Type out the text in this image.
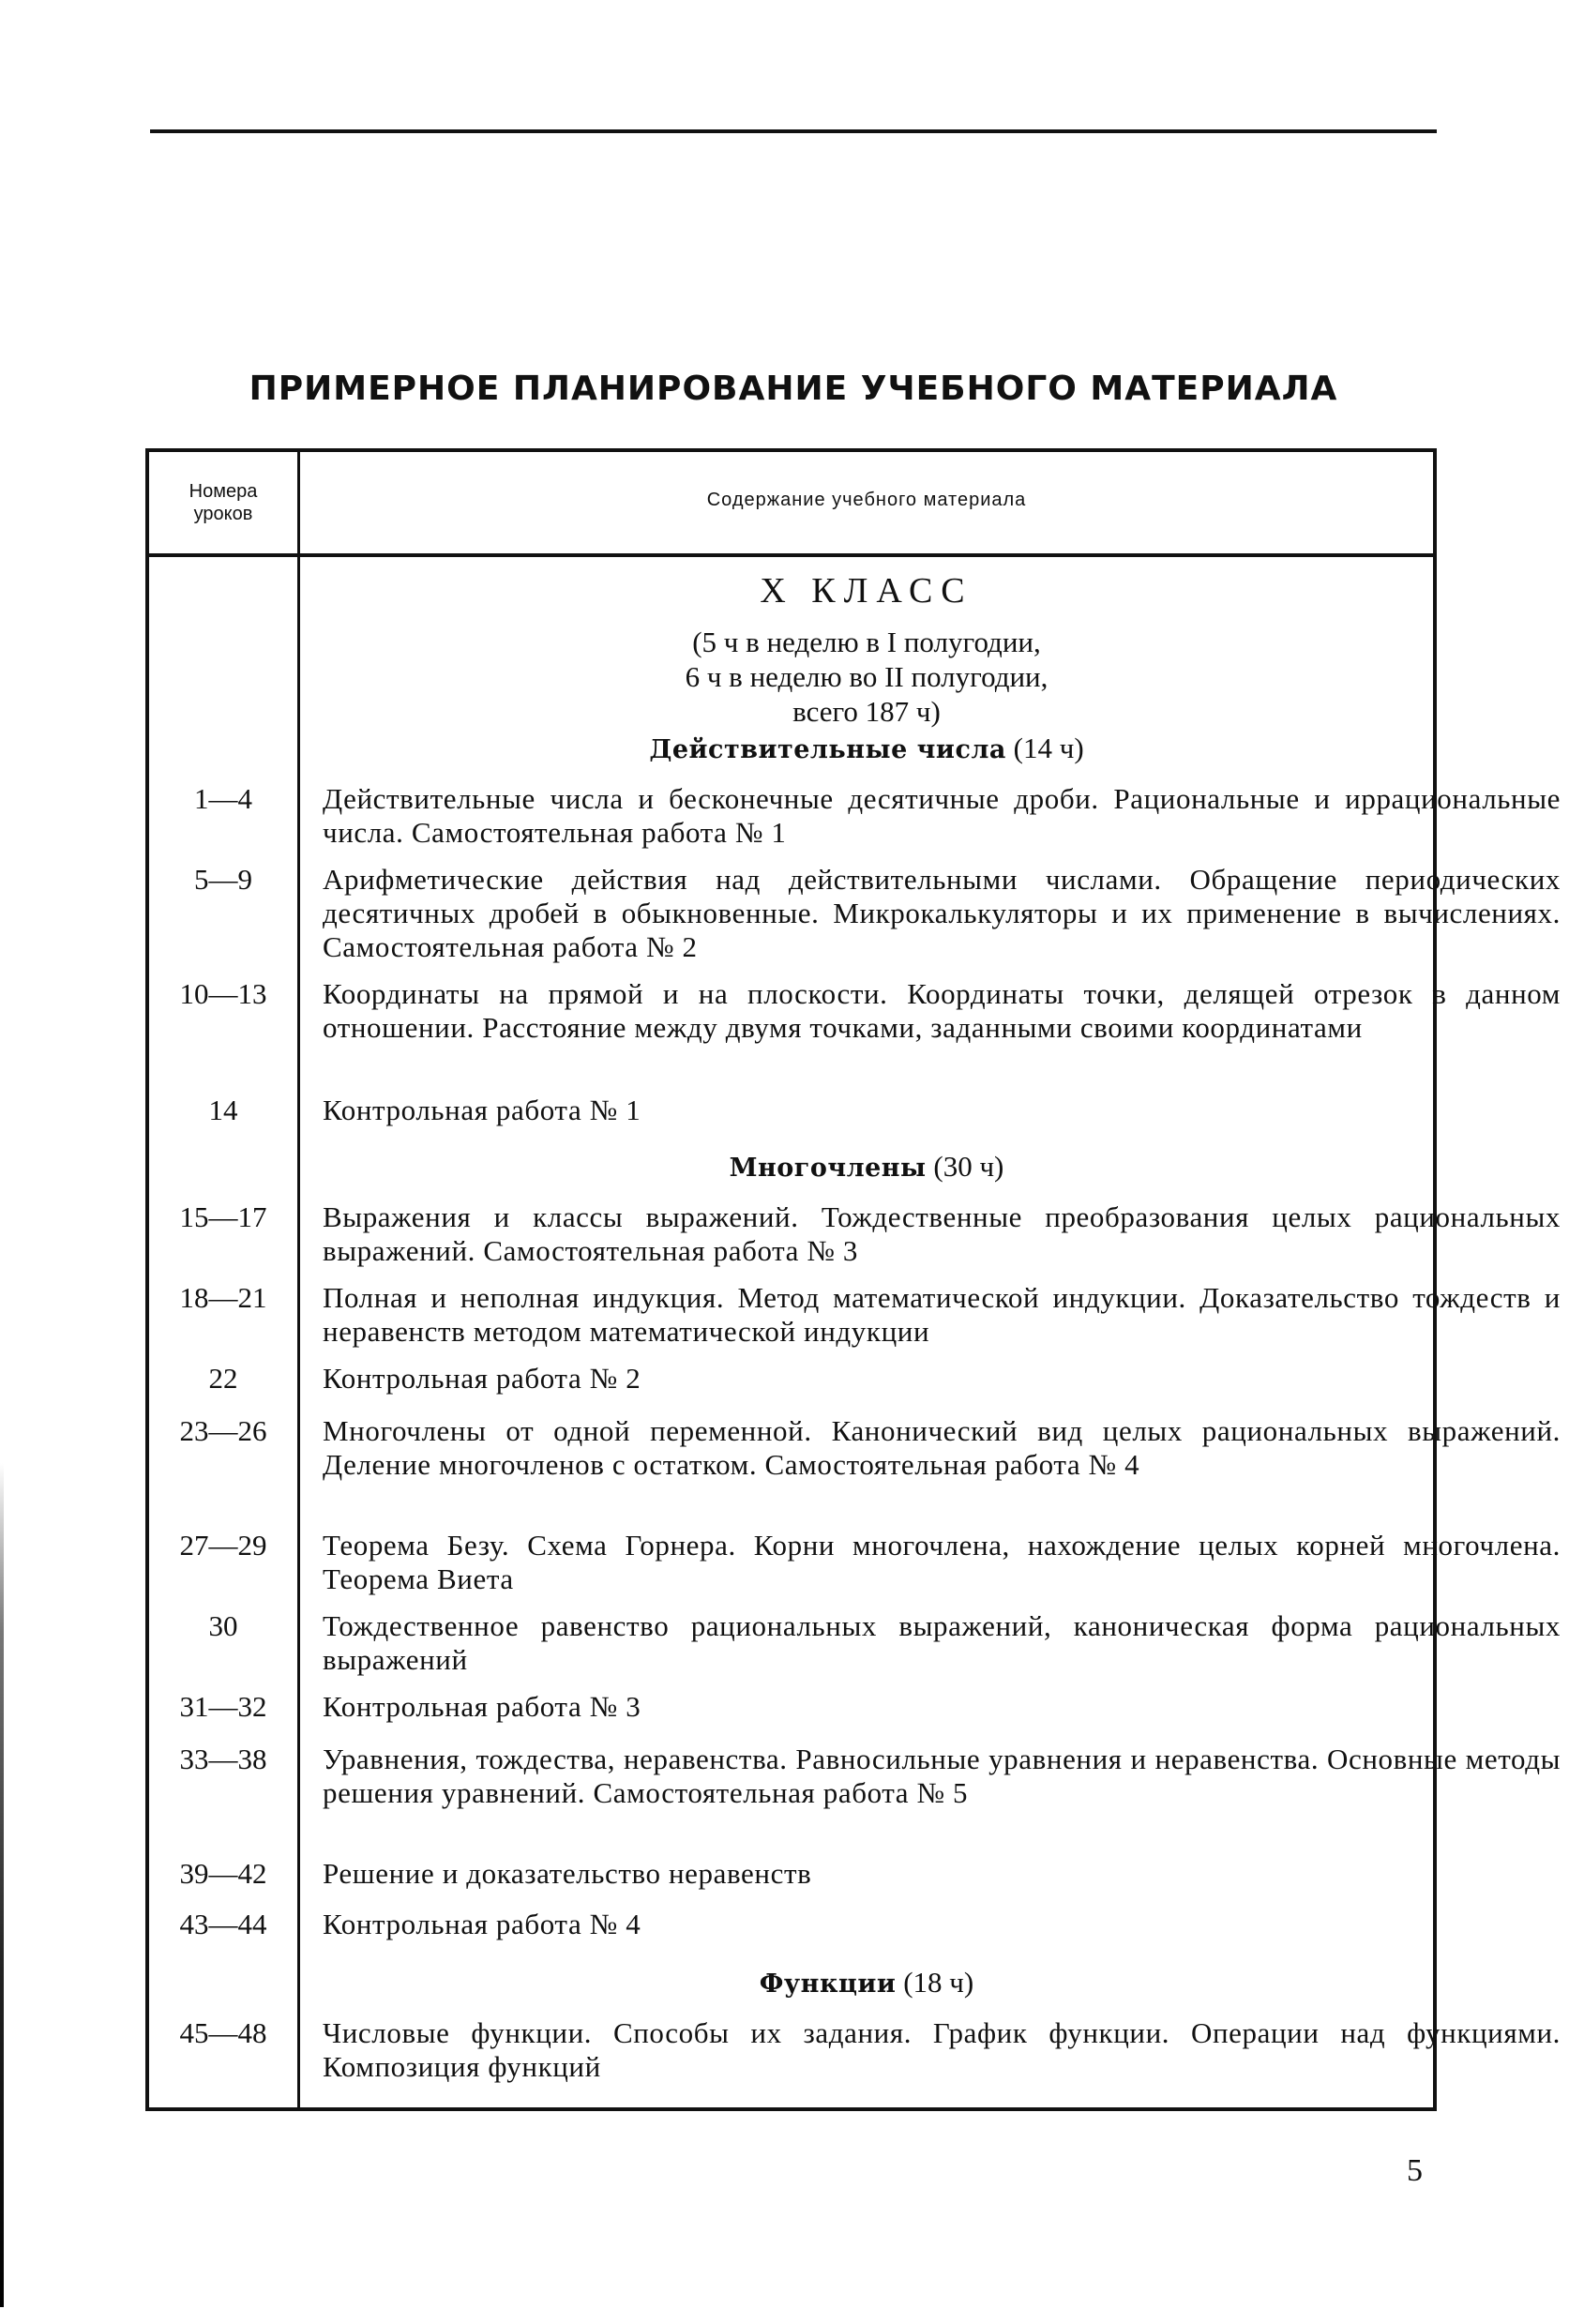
ПРИМЕРНОЕ ПЛАНИРОВАНИЕ УЧЕБНОГО МАТЕРИАЛА
Номера
уроков
Содержание учебного материала
X КЛАСС
(5 ч в неделю в I полугодии,
6 ч в неделю во II полугодии,
всего 187 ч)
Действительные числа (14 ч)
1—4	Действительные числа и бесконечные десятичные дроби. Рациональные и иррациональные числа. Самостоятельная работа № 1
5—9	Арифметические действия над действительными числами. Обращение периодических десятичных дробей в обыкновенные. Микрокалькуляторы и их применение в вычислениях. Самостоятельная работа № 2
10—13	Координаты на прямой и на плоскости. Координаты точки, делящей отрезок в данном отношении. Расстояние между двумя точками, заданными своими координатами
14	Контрольная работа № 1
Многочлены (30 ч)
15—17	Выражения и классы выражений. Тождественные преобразования целых рациональных выражений. Самостоятельная работа № 3
18—21	Полная и неполная индукция. Метод математической индукции. Доказательство тождеств и неравенств методом математической индукции
22	Контрольная работа № 2
23—26	Многочлены от одной переменной. Канонический вид целых рациональных выражений. Деление многочленов с остатком. Самостоятельная работа № 4
27—29	Теорема Безу. Схема Горнера. Корни многочлена, нахождение целых корней многочлена. Теорема Виета
30	Тождественное равенство рациональных выражений, каноническая форма рациональных выражений
31—32	Контрольная работа № 3
33—38	Уравнения, тождества, неравенства. Равносильные уравнения и неравенства. Основные методы решения уравнений. Самостоятельная работа № 5
39—42	Решение и доказательство неравенств
43—44	Контрольная работа № 4
Функции (18 ч)
45—48	Числовые функции. Способы их задания. График функции. Операции над функциями. Композиция функций
5
